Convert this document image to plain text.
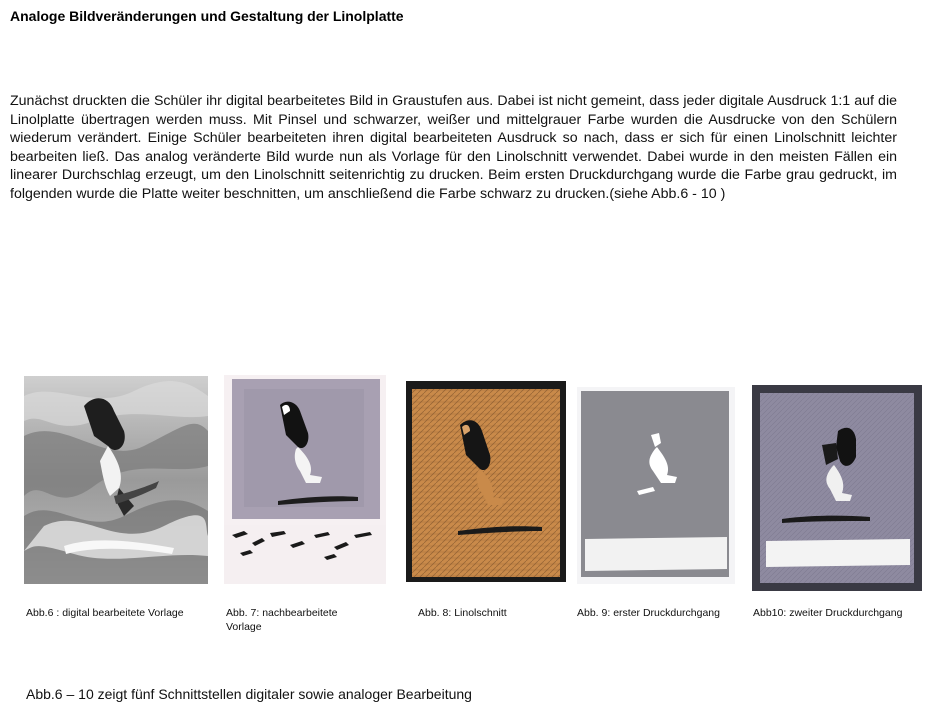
Analoge Bildveränderungen und Gestaltung der Linolplatte
Zunächst druckten die Schüler ihr digital bearbeitetes Bild in Graustufen aus. Dabei ist nicht gemeint, dass jeder digitale Ausdruck 1:1 auf die Linolplatte übertragen werden muss. Mit Pinsel und schwarzer, weißer und mittelgrauer Farbe wurden die Ausdrucke von den Schülern wiederum verändert. Einige Schüler bearbeiteten ihren digital bearbeiteten Ausdruck so nach, dass er sich für einen Linolschnitt leichter bearbeiten ließ. Das analog veränderte Bild wurde nun als Vorlage für den Linolschnitt verwendet. Dabei wurde in den meisten Fällen ein linearer Durchschlag erzeugt, um den Linolschnitt seitenrichtig zu drucken. Beim ersten Druckdurchgang wurde die Farbe grau gedruckt, im folgenden wurde die Platte weiter beschnitten, um anschließend die Farbe schwarz zu drucken.(siehe Abb.6 - 10 )
Abb.6 : digital bearbeitete Vorlage	Abb. 7: nachbearbeitete Vorlage
Abb. 8: Linolschnitt	Abb. 9: erster Druckdurchgang	Abb10: zweiter Druckdurchgang
Abb.6 – 10 zeigt fünf Schnittstellen digitaler sowie analoger Bearbeitung
